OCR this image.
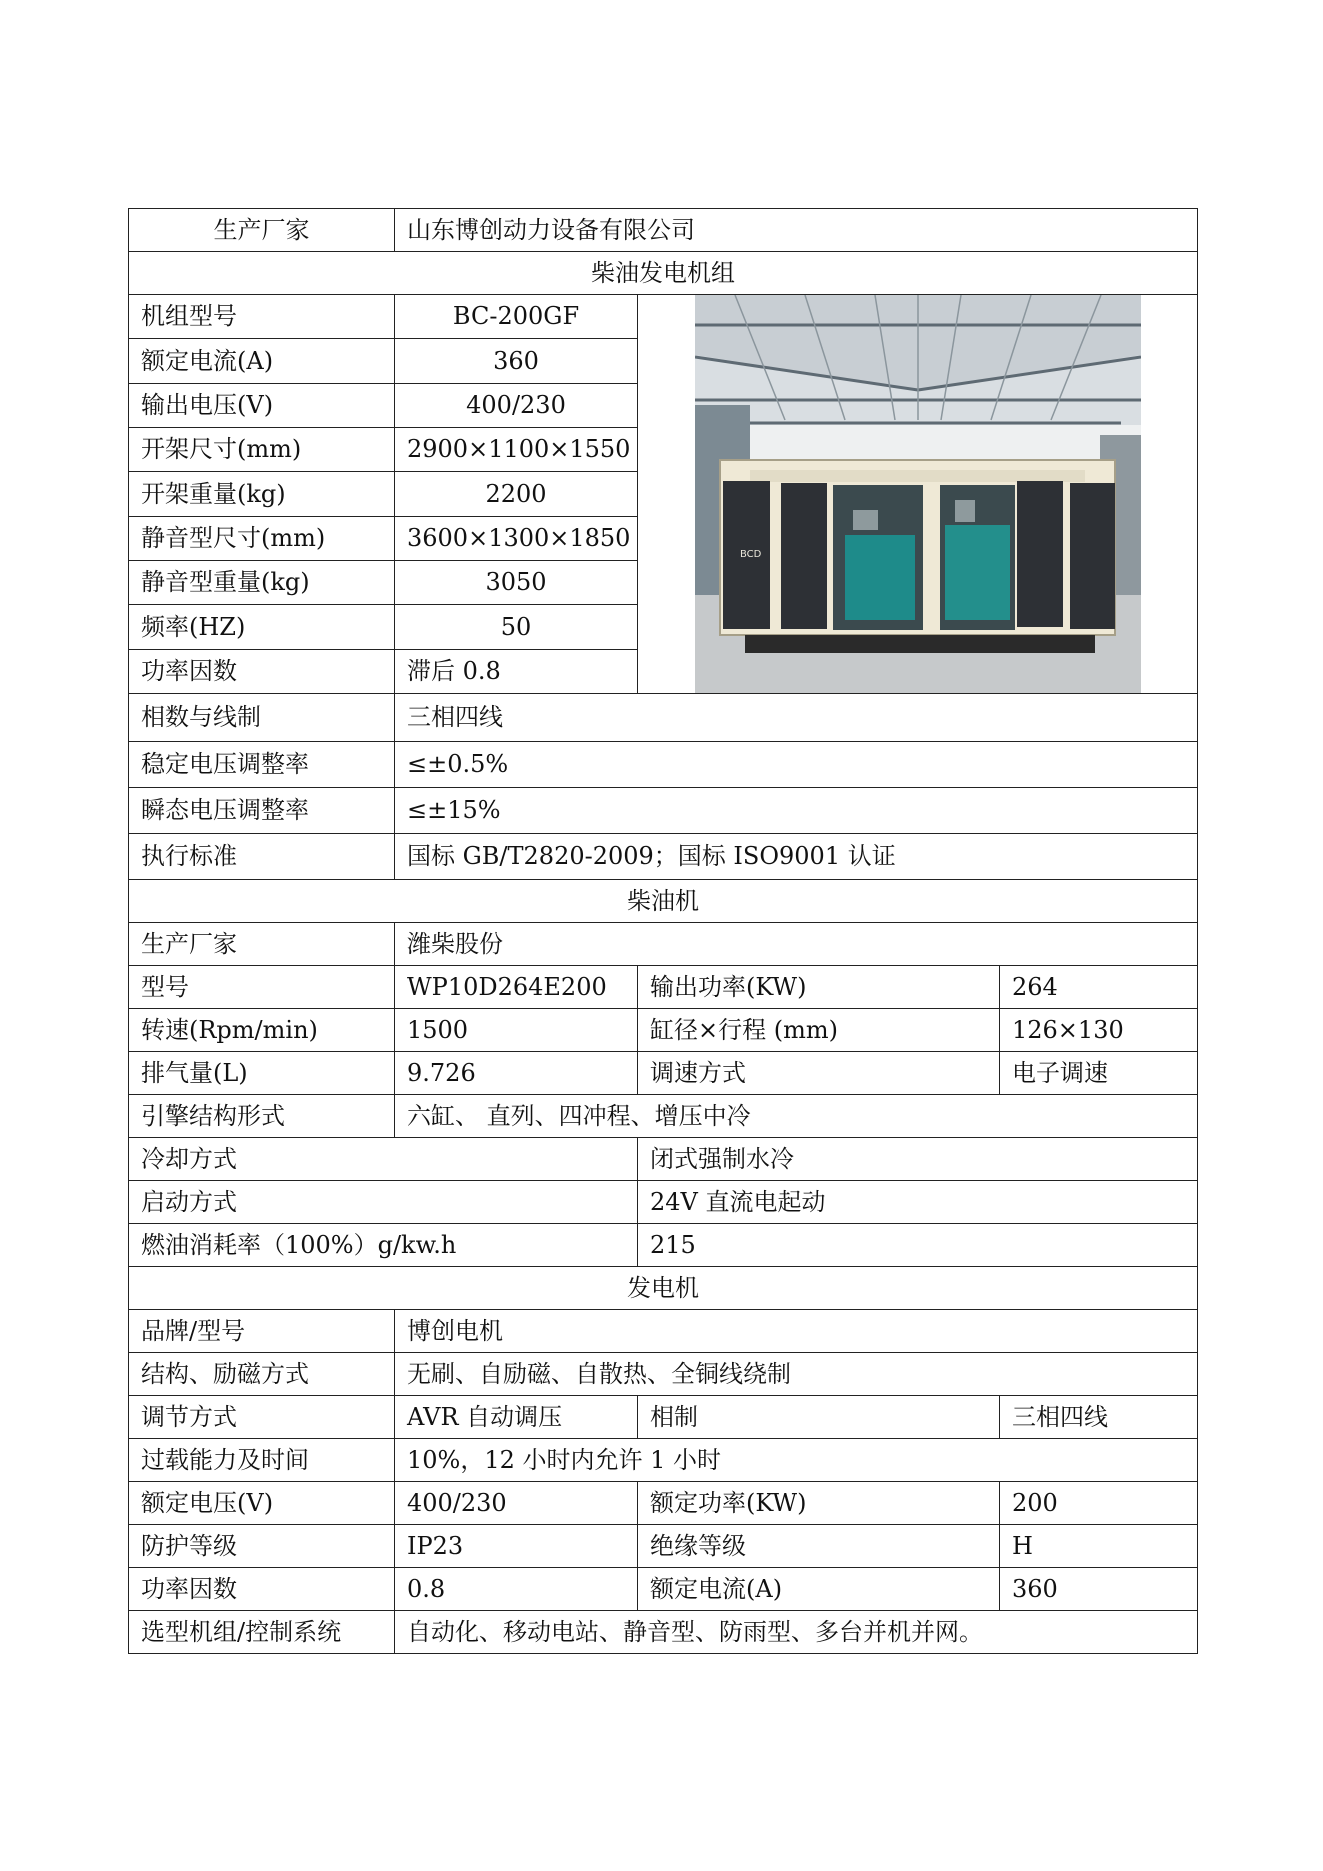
生产厂家	山东博创动力设备有限公司		
柴油发电机组			
机组型号	BC-200GF	BCD	

额定电流(A)	360		
输出电压(V)	400/230		
开架尺寸(mm)	2900×1100×1550		
开架重量(kg)	2200		
静音型尺寸(mm)	3600×1300×1850		
静音型重量(kg)	3050		
频率(HZ)	50		
功率因数	滞后 0.8		
相数与线制	三相四线		
稳定电压调整率	≤±0.5%		
瞬态电压调整率	≤±15%		
执行标准	国标 GB/T2820-2009；国标 ISO9001 认证		
柴油机			
生产厂家	潍柴股份		
型号	WP10D264E200	输出功率(KW)	264
转速(Rpm/min)	1500	缸径×行程 (mm)	126×130
排气量(L)	9.726	调速方式	电子调速
引擎结构形式	六缸、 直列、四冲程、增压中冷		
冷却方式		闭式强制水冷	
启动方式		24V 直流电起动	
燃油消耗率（100%）g/kw.h		215	
发电机			
品牌/型号	博创电机		
结构、励磁方式	无刷、自励磁、自散热、全铜线绕制		
调节方式	AVR 自动调压	相制	三相四线
过载能力及时间	10%，12 小时内允许 1 小时		
额定电压(V)	400/230	额定功率(KW)	200
防护等级	IP23	绝缘等级	H
功率因数	0.8	额定电流(A)	360
选型机组/控制系统	自动化、移动电站、静音型、防雨型、多台并机并网。		
